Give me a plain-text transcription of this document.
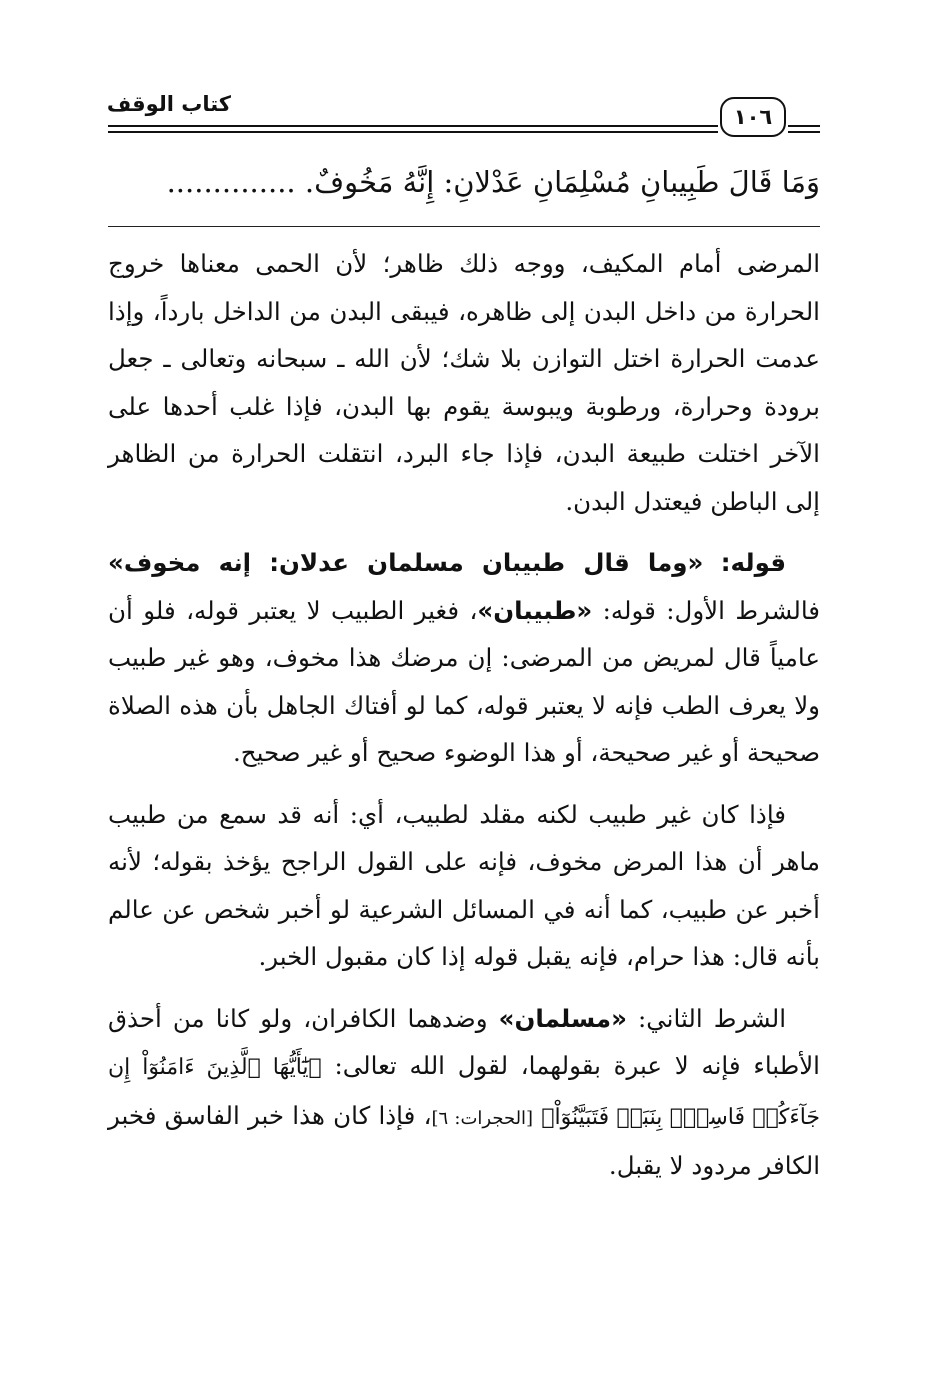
كتاب الوقف
١٠٦
وَمَا قَالَ طَبِيبانِ مُسْلِمَانِ عَدْلانِ: إِنَّهُ مَخُوفٌ. ..............

المرضى أمام المكيف، ووجه ذلك ظاهر؛ لأن الحمى معناها خروج الحرارة من داخل البدن إلى ظاهره، فيبقى البدن من الداخل بارداً، وإذا عدمت الحرارة اختل التوازن بلا شك؛ لأن الله ـ سبحانه وتعالى ـ جعل برودة وحرارة، ورطوبة ويبوسة يقوم بها البدن، فإذا غلب أحدها على الآخر اختلت طبيعة البدن، فإذا جاء البرد، انتقلت الحرارة من الظاهر إلى الباطن فيعتدل البدن.

قوله: «وما قال طبيبان مسلمان عدلان: إنه مخوف» فالشرط الأول: قوله: «طبيبان»، فغير الطبيب لا يعتبر قوله، فلو أن عامياً قال لمريض من المرضى: إن مرضك هذا مخوف، وهو غير طبيب ولا يعرف الطب فإنه لا يعتبر قوله، كما لو أفتاك الجاهل بأن هذه الصلاة صحيحة أو غير صحيحة، أو هذا الوضوء صحيح أو غير صحيح.

فإذا كان غير طبيب لكنه مقلد لطبيب، أي: أنه قد سمع من طبيب ماهر أن هذا المرض مخوف، فإنه على القول الراجح يؤخذ بقوله؛ لأنه أخبر عن طبيب، كما أنه في المسائل الشرعية لو أخبر شخص عن عالم بأنه قال: هذا حرام، فإنه يقبل قوله إذا كان مقبول الخبر.

الشرط الثاني: «مسلمان» وضدهما الكافران، ولو كانا من أحذق الأطباء فإنه لا عبرة بقولهما، لقول الله تعالى: ﴿يَٰٓأَيُّهَا ٱلَّذِينَ ءَامَنُوٓاْ إِن جَآءَكُمۡ فَاسِقُۢ بِنَبَإٖ فَتَبَيَّنُوٓاْ﴾ [الحجرات: ٦]، فإذا كان هذا خبر الفاسق فخبر الكافر مردود لا يقبل.
